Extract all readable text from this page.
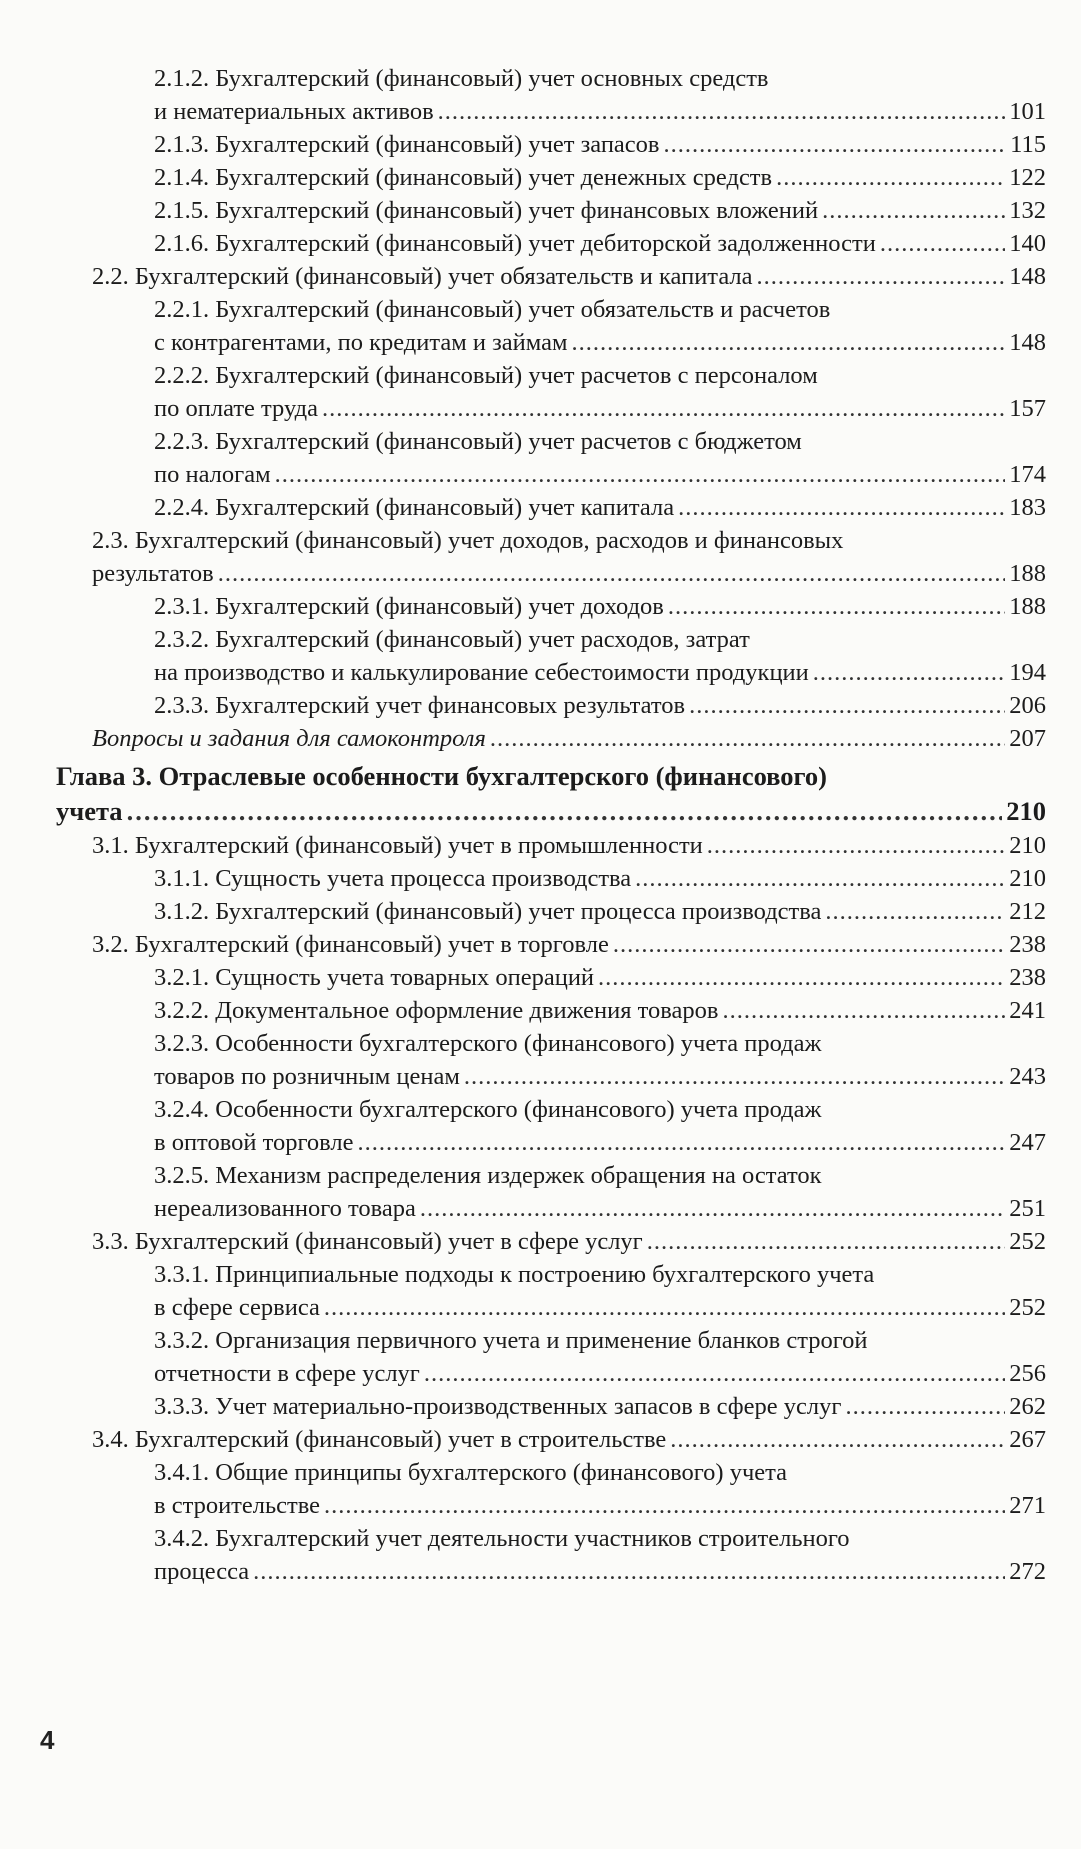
2.1.2. Бухгалтерский (финансовый) учет основных средств
и нематериальных активов .....	101
2.1.3. Бухгалтерский (финансовый) учет запасов .....	115
2.1.4. Бухгалтерский (финансовый) учет денежных средств .....	122
2.1.5. Бухгалтерский (финансовый) учет финансовых вложений .....	132
2.1.6. Бухгалтерский (финансовый) учет дебиторской задолженности .....	140
2.2. Бухгалтерский (финансовый) учет обязательств и капитала .....	148
2.2.1. Бухгалтерский (финансовый) учет обязательств и расчетов
с контрагентами, по кредитам и займам .....	148
2.2.2. Бухгалтерский (финансовый) учет расчетов с персоналом
по оплате труда .....	157
2.2.3. Бухгалтерский (финансовый) учет расчетов с бюджетом
по налогам .....	174
2.2.4. Бухгалтерский (финансовый) учет капитала .....	183
2.3. Бухгалтерский (финансовый) учет доходов, расходов и финансовых
результатов .....	188
2.3.1. Бухгалтерский (финансовый) учет доходов .....	188
2.3.2. Бухгалтерский (финансовый) учет расходов, затрат
на производство и калькулирование себестоимости продукции .....	194
2.3.3. Бухгалтерский учет финансовых результатов .....	206
Вопросы и задания для самоконтроля .....	207
Глава 3. Отраслевые особенности бухгалтерского (финансового)
учета .....	210
3.1. Бухгалтерский (финансовый) учет в промышленности .....	210
3.1.1. Сущность учета процесса производства .....	210
3.1.2. Бухгалтерский (финансовый) учет процесса производства .....	212
3.2. Бухгалтерский (финансовый) учет в торговле .....	238
3.2.1. Сущность учета товарных операций .....	238
3.2.2. Документальное оформление движения товаров .....	241
3.2.3. Особенности бухгалтерского (финансового) учета продаж
товаров по розничным ценам .....	243
3.2.4. Особенности бухгалтерского (финансового) учета продаж
в оптовой торговле .....	247
3.2.5. Механизм распределения издержек обращения на остаток
нереализованного товара .....	251
3.3. Бухгалтерский (финансовый) учет в сфере услуг .....	252
3.3.1. Принципиальные подходы к построению бухгалтерского учета
в сфере сервиса .....	252
3.3.2. Организация первичного учета и применение бланков строгой
отчетности в сфере услуг .....	256
3.3.3. Учет материально-производственных запасов в сфере услуг .....	262
3.4. Бухгалтерский (финансовый) учет в строительстве .....	267
3.4.1. Общие принципы бухгалтерского (финансового) учета
в строительстве .....	271
3.4.2. Бухгалтерский учет деятельности участников строительного
процесса .....	272
4
